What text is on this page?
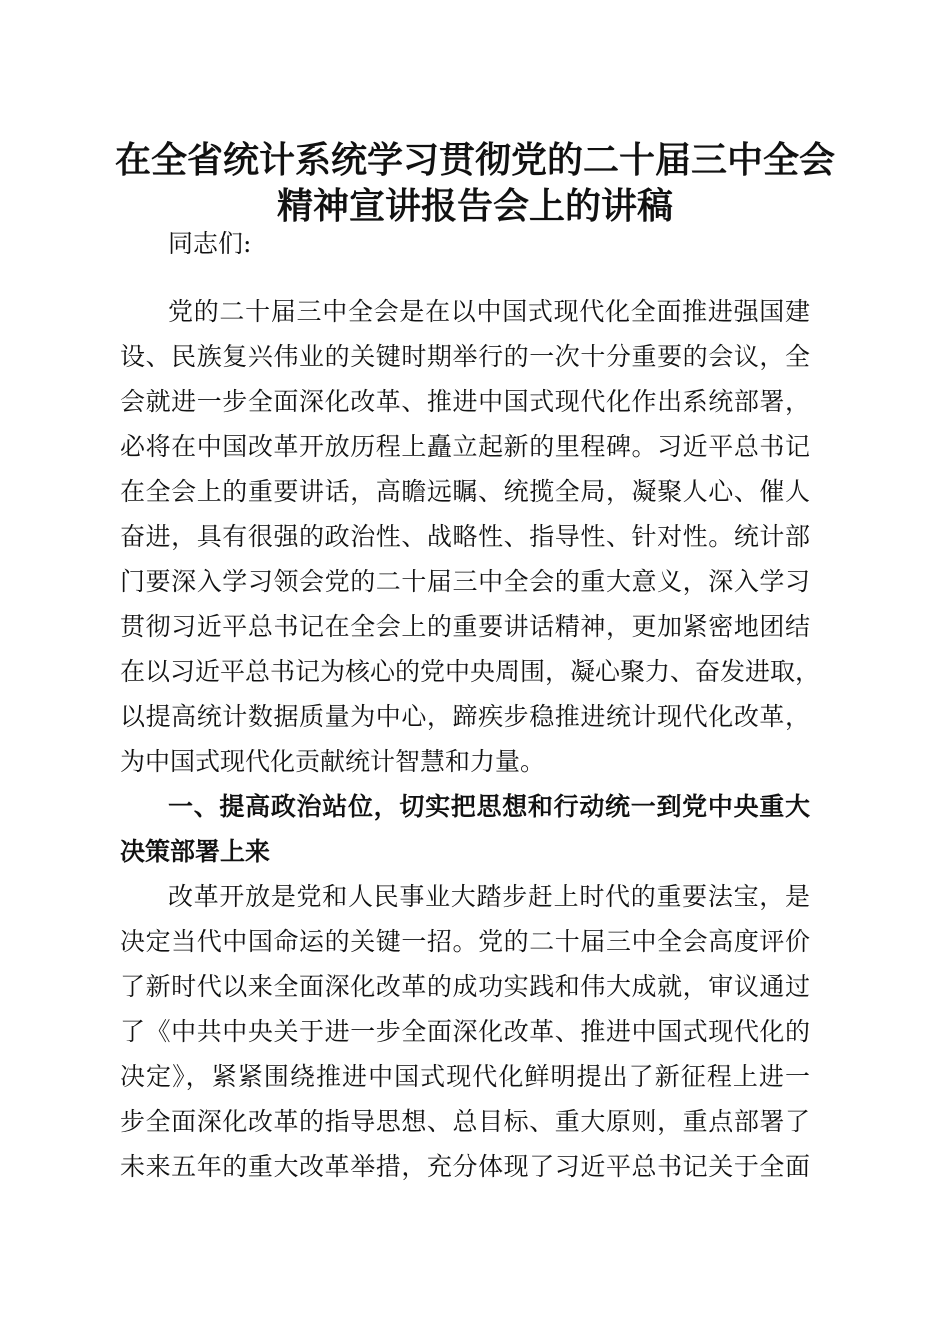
在全省统计系统学习贯彻党的二十届三中全会
精神宣讲报告会上的讲稿
同志们:
党的二十届三中全会是在以中国式现代化全面推进强国建
设、民族复兴伟业的关键时期举行的一次十分重要的会议，全
会就进一步全面深化改革、推进中国式现代化作出系统部署，
必将在中国改革开放历程上矗立起新的里程碑。习近平总书记
在全会上的重要讲话，高瞻远瞩、统揽全局，凝聚人心、催人
奋进，具有很强的政治性、战略性、指导性、针对性。统计部
门要深入学习领会党的二十届三中全会的重大意义，深入学习
贯彻习近平总书记在全会上的重要讲话精神，更加紧密地团结
在以习近平总书记为核心的党中央周围，凝心聚力、奋发进取，
以提高统计数据质量为中心，蹄疾步稳推进统计现代化改革，
为中国式现代化贡献统计智慧和力量。
一、提高政治站位，切实把思想和行动统一到党中央重大
决策部署上来
改革开放是党和人民事业大踏步赶上时代的重要法宝，是
决定当代中国命运的关键一招。党的二十届三中全会高度评价
了新时代以来全面深化改革的成功实践和伟大成就，审议通过
了《中共中央关于进一步全面深化改革、推进中国式现代化的
决定》，紧紧围绕推进中国式现代化鲜明提出了新征程上进一
步全面深化改革的指导思想、总目标、重大原则，重点部署了
未来五年的重大改革举措，充分体现了习近平总书记关于全面
